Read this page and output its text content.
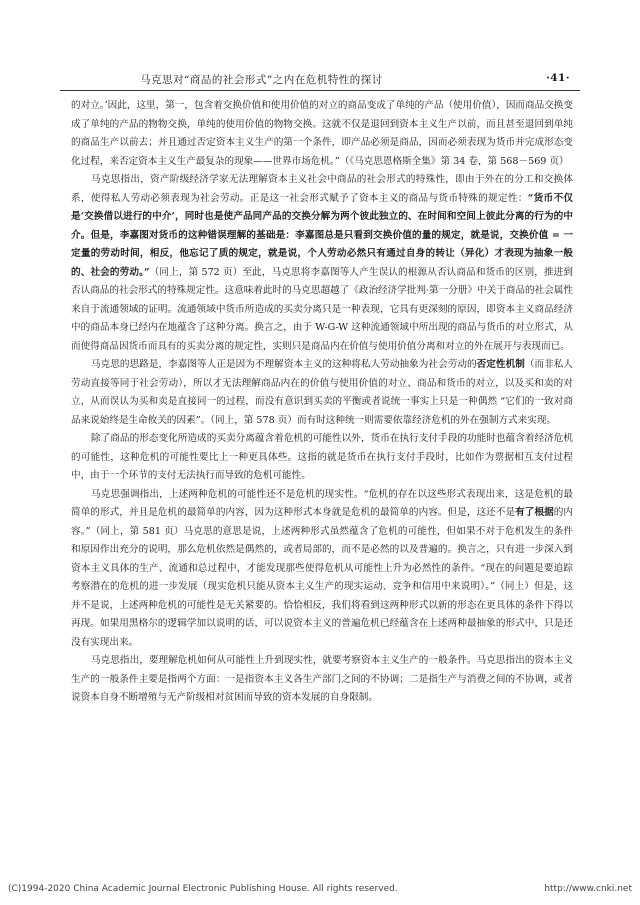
马克思对“商品的社会形式”之内在危机特性的探讨	·41·

的对立。’因此，这里，第一，包含着交换价值和使用价值的对立的商品变成了单纯的产品（使用价值），因而商品交换变成了单纯的产品的物物交换，单纯的使用价值的物物交换。这就不仅是退回到资本主义生产以前，而且甚至退回到单纯的商品生产以前去；并且通过否定资本主义生产的第一个条件，即产品必须是商品，因而必须表现为货币并完成形态变化过程，来否定资本主义生产最复杂的现象——世界市场危机。”（《马克思恩格斯全集》第 34 卷，第 568－569 页）

马克思指出，资产阶级经济学家无法理解资本主义社会中商品的社会形式的特殊性，即由于外在的分工和交换体系，使得私人劳动必须表现为社会劳动。正是这一社会形式赋予了资本主义的商品与货币特殊的规定性：“货币不仅是‘交换借以进行的中介’，同时也是使产品同产品的交换分解为两个彼此独立的、在时间和空间上彼此分离的行为的中介。但是，李嘉图对货币的这种错误理解的基础是：李嘉图总是只看到交换价值的量的规定，就是说，交换价值 = 一定量的劳动时间，相反，他忘记了质的规定，就是说，个人劳动必然只有通过自身的转让（异化）才表现为抽象一般的、社会的劳动。”（同上，第 572 页）至此，马克思将李嘉图等人产生误认的根源从否认商品和货币的区别，推进到否认商品的社会形式的特殊规定性。这意味着此时的马克思超越了《政治经济学批判·第一分册》中关于商品的社会属性来自于流通领域的证明。流通领域中货币所造成的买卖分离只是一种表现，它具有更深刻的原因，即资本主义商品经济中的商品本身已经内在地蕴含了这种分离。换言之，由于 W-G-W 这种流通领域中所出现的商品与货币的对立形式，从而使得商品因货币而具有的买卖分离的规定性，实则只是商品内在价值与使用价值分离和对立的外在展开与表现而已。

马克思的思路是，李嘉图等人正是因为不理解资本主义的这种将私人劳动抽象为社会劳动的否定性机制（而非私人劳动直接等同于社会劳动），所以才无法理解商品内在的价值与使用价值的对立、商品和货币的对立，以及买和卖的对立，从而误认为买和卖是直接同一的过程，而没有意识到买卖的平衡或者说统一事实上只是一种偶然 “它们的一致对商品来说始终是生命攸关的因素”。（同上，第 578 页）而有时这种统一则需要依靠经济危机的外在强制方式来实现。

除了商品的形态变化所造成的买卖分离蕴含着危机的可能性以外，货币在执行支付手段的功能时也蕴含着经济危机的可能性，这种危机的可能性要比上一种更具体些。这指的就是货币在执行支付手段时，比如作为票据相互支付过程中，由于一个环节的支付无法执行而导致的危机可能性。

马克思强调指出，上述两种危机的可能性还不是危机的现实性。“危机的存在以这些形式表现出来，这是危机的最简单的形式，并且是危机的最简单的内容，因为这种形式本身就是危机的最简单的内容。但是，这还不是有了根据的内容。”（同上，第 581 页）马克思的意思是说，上述两种形式虽然蕴含了危机的可能性，但如果不对于危机发生的条件和原因作出充分的说明，那么危机依然是偶然的，或者局部的，而不是必然的以及普遍的。换言之，只有进一步深入到资本主义具体的生产、流通和总过程中，才能发现那些使得危机从可能性上升为必然性的条件。“现在的问题是要追踪考察潜在的危机的进一步发展（现实危机只能从资本主义生产的现实运动、竞争和信用中来说明）。”（同上）但是，这并不是说，上述两种危机的可能性是无关紧要的。恰恰相反，我们将看到这两种形式以新的形态在更具体的条件下得以再现。如果用黑格尔的逻辑学加以说明的话，可以说资本主义的普遍危机已经蕴含在上述两种最抽象的形式中，只是还没有实现出来。

马克思指出，要理解危机如何从可能性上升到现实性，就要考察资本主义生产的一般条件。马克思指出的资本主义生产的一般条件主要是指两个方面：一是指资本主义各生产部门之间的不协调；二是指生产与消费之间的不协调，或者说资本自身不断增殖与无产阶级相对贫困而导致的资本发展的自身限制。

(C)1994-2020 China Academic Journal Electronic Publishing House. All rights reserved.	http://www.cnki.net
